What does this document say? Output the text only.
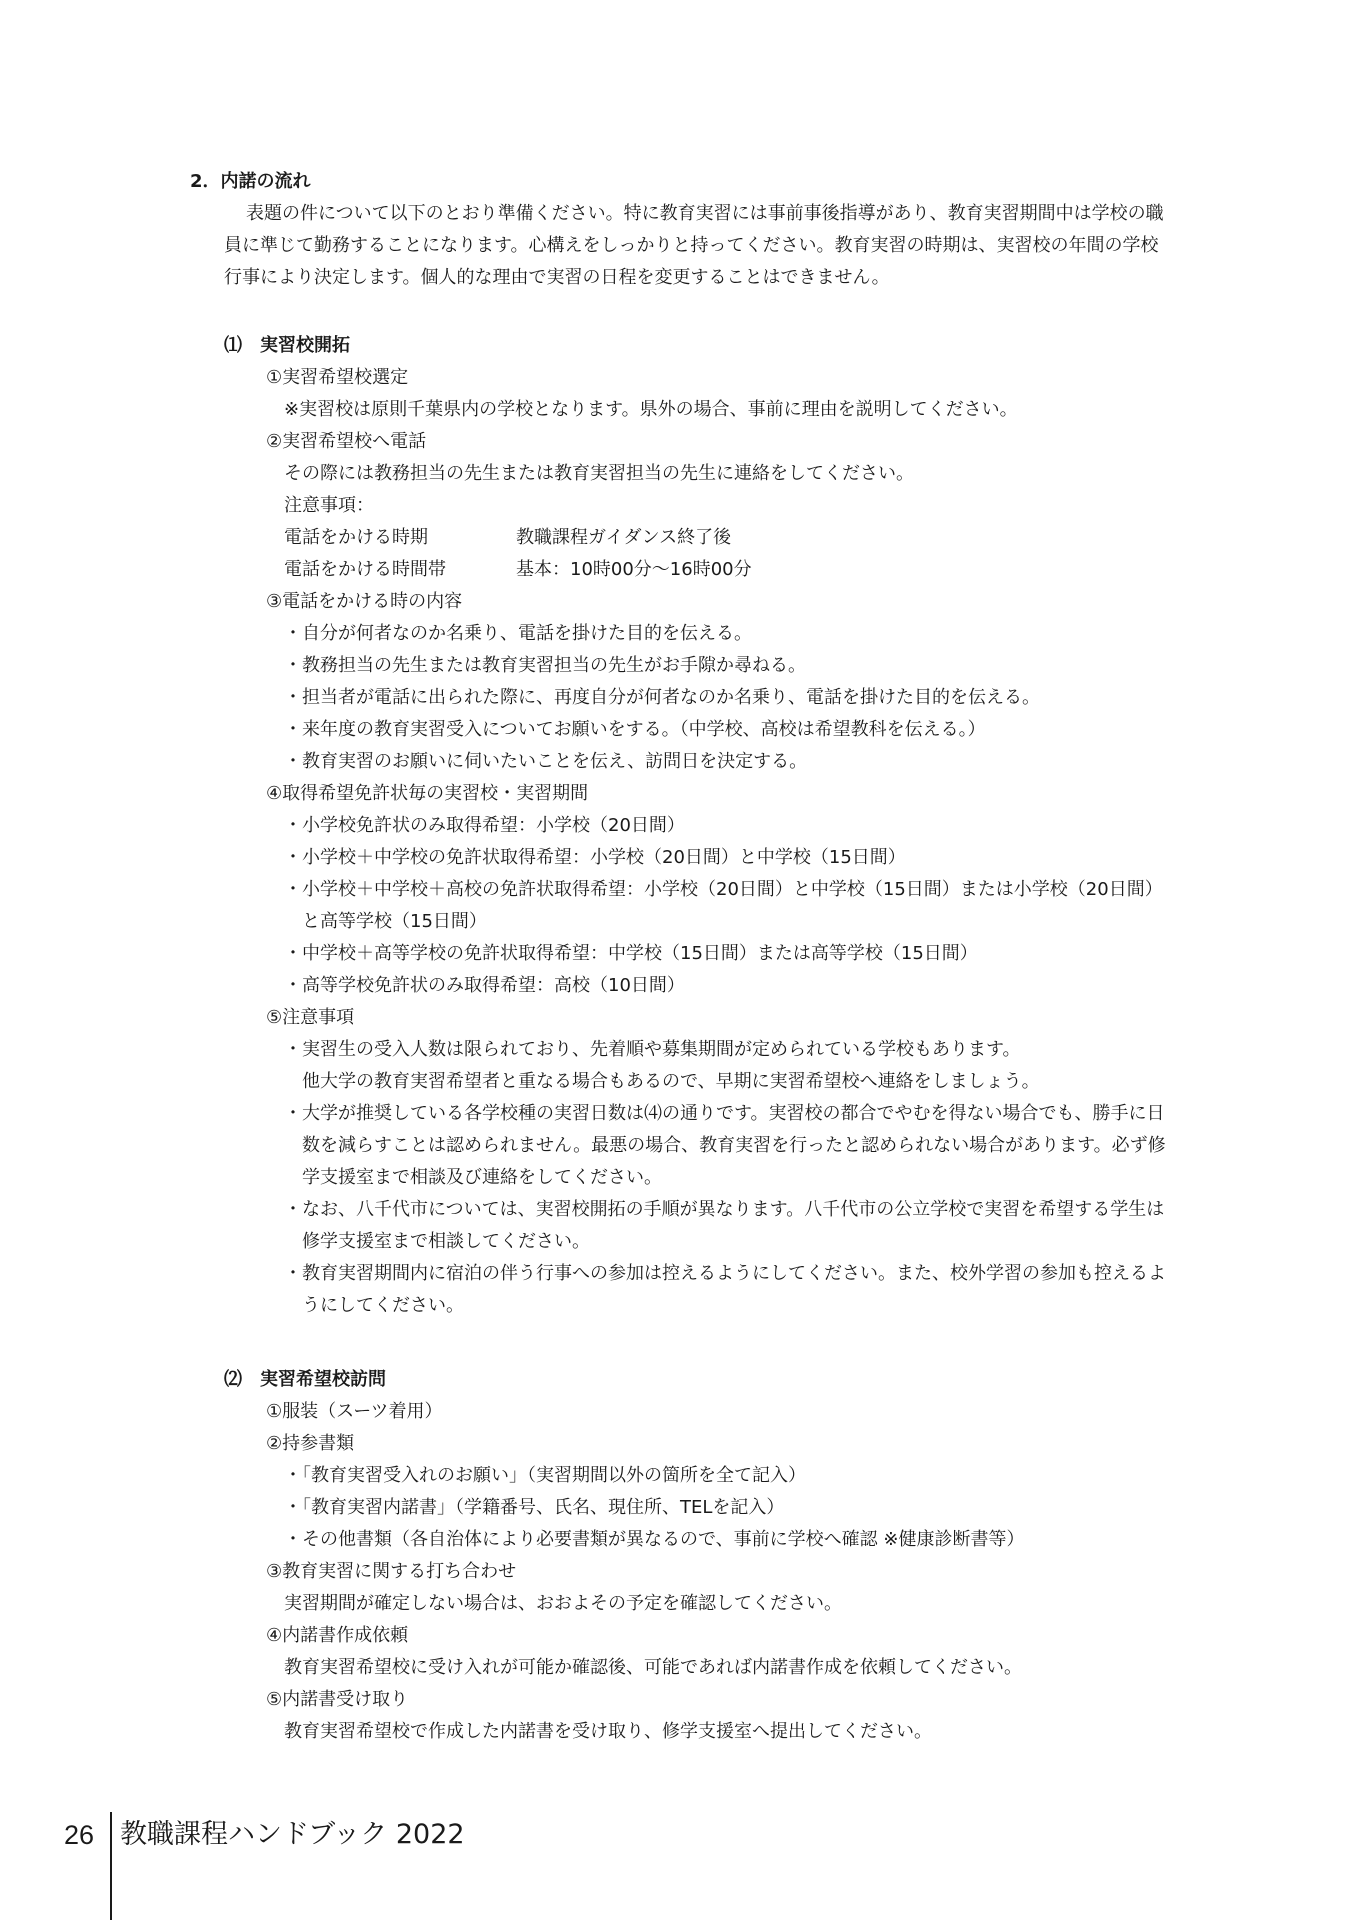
2．内諾の流れ
表題の件について以下のとおり準備ください。特に教育実習には事前事後指導があり、教育実習期間中は学校の職
員に準じて勤務することになります。心構えをしっかりと持ってください。教育実習の時期は、実習校の年間の学校
行事により決定します。個人的な理由で実習の日程を変更することはできません。
⑴　実習校開拓
①実習希望校選定
※実習校は原則千葉県内の学校となります。県外の場合、事前に理由を説明してください。
②実習希望校へ電話
その際には教務担当の先生または教育実習担当の先生に連絡をしてください。
注意事項：
電話をかける時期	教職課程ガイダンス終了後
電話をかける時間帯	基本：10時00分～16時00分
③電話をかける時の内容
・自分が何者なのか名乗り、電話を掛けた目的を伝える。
・教務担当の先生または教育実習担当の先生がお手隙か尋ねる。
・担当者が電話に出られた際に、再度自分が何者なのか名乗り、電話を掛けた目的を伝える。
・来年度の教育実習受入についてお願いをする。（中学校、高校は希望教科を伝える。）
・教育実習のお願いに伺いたいことを伝え、訪問日を決定する。
④取得希望免許状毎の実習校・実習期間
・小学校免許状のみ取得希望：小学校（20日間）
・小学校＋中学校の免許状取得希望：小学校（20日間）と中学校（15日間）
・小学校＋中学校＋高校の免許状取得希望：小学校（20日間）と中学校（15日間）または小学校（20日間）
と高等学校（15日間）
・中学校＋高等学校の免許状取得希望：中学校（15日間）または高等学校（15日間）
・高等学校免許状のみ取得希望：高校（10日間）
⑤注意事項
・実習生の受入人数は限られており、先着順や募集期間が定められている学校もあります。
他大学の教育実習希望者と重なる場合もあるので、早期に実習希望校へ連絡をしましょう。
・大学が推奨している各学校種の実習日数は⑷の通りです。実習校の都合でやむを得ない場合でも、勝手に日
数を減らすことは認められません。最悪の場合、教育実習を行ったと認められない場合があります。必ず修
学支援室まで相談及び連絡をしてください。
・なお、八千代市については、実習校開拓の手順が異なります。八千代市の公立学校で実習を希望する学生は
修学支援室まで相談してください。
・教育実習期間内に宿泊の伴う行事への参加は控えるようにしてください。また、校外学習の参加も控えるよ
うにしてください。
⑵　実習希望校訪問
①服装（スーツ着用）
②持参書類
・「教育実習受入れのお願い」（実習期間以外の箇所を全て記入）
・「教育実習内諾書」（学籍番号、氏名、現住所、TELを記入）
・その他書類（各自治体により必要書類が異なるので、事前に学校へ確認 ※健康診断書等）
③教育実習に関する打ち合わせ
実習期間が確定しない場合は、おおよその予定を確認してください。
④内諾書作成依頼
教育実習希望校に受け入れが可能か確認後、可能であれば内諾書作成を依頼してください。
⑤内諾書受け取り
教育実習希望校で作成した内諾書を受け取り、修学支援室へ提出してください。
26 教職課程ハンドブック 2022
